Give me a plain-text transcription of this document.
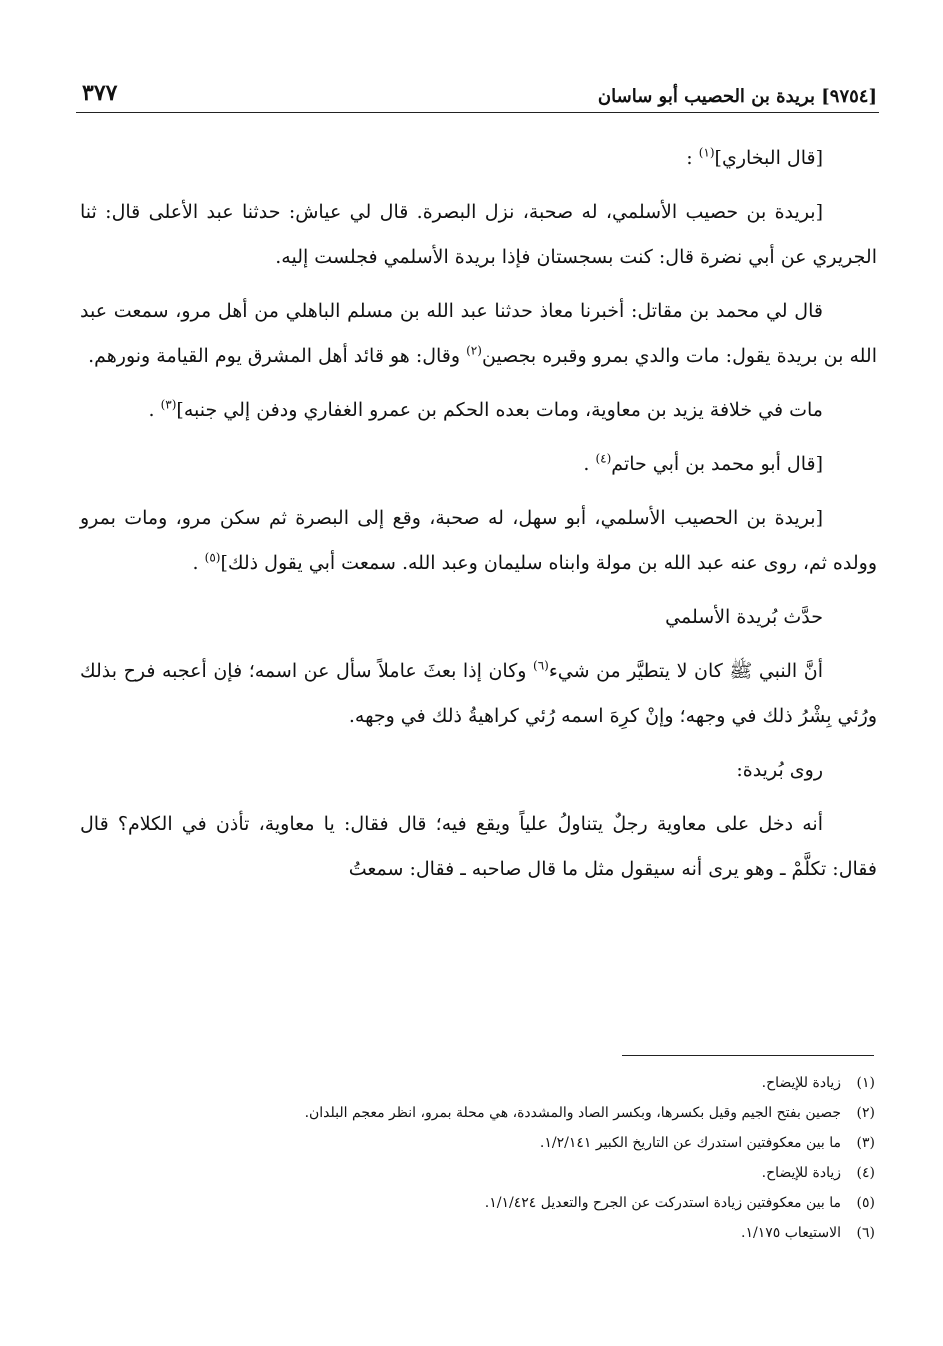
[٩٧٥٤] بريدة بن الحصيب أبو ساسان
٣٧٧

[قال البخاري]$^{(١)}$ :

[بريدة بن حصيب الأسلمي، له صحبة، نزل البصرة. قال لي عياش: حدثنا عبد الأعلى قال: ثنا الجريري عن أبي نضرة قال: كنت بسجستان فإذا بريدة الأسلمي فجلست إليه.

قال لي محمد بن مقاتل: أخبرنا معاذ حدثنا عبد الله بن مسلم الباهلي من أهل مرو، سمعت عبد الله بن بريدة يقول: مات والدي بمرو وقبره بجصين$^{(٢)}$ وقال: هو قائد أهل المشرق يوم القيامة ونورهم.

مات في خلافة يزيد بن معاوية، ومات بعده الحكم بن عمرو الغفاري ودفن إلي جنبه]$^{(٣)}$ .

[قال أبو محمد بن أبي حاتم$^{(٤)}$ .

[بريدة بن الحصيب الأسلمي، أبو سهل، له صحبة، وقع إلى البصرة ثم سكن مرو، ومات بمرو وولده ثم، روى عنه عبد الله بن مولة وابناه سليمان وعبد الله. سمعت أبي يقول ذلك]$^{(٥)}$ .

حدَّث بُريدة الأسلمي

أنَّ النبي ﷺ كان لا يتطيَّر من شيء$^{(٦)}$ وكان إذا بعثَ عاملاً سأل عن اسمه؛ فإن أعجبه فرح بذلك ورُئي بِشْرُ ذلك في وجهه؛ وإنْ كرِهَ اسمه رُئي كراهيةُ ذلك في وجهه.

روى بُريدة:

أنه دخل على معاوية رجلٌ يتناولُ علياً ويقع فيه؛ قال فقال: يا معاوية، تأذن في الكلام؟ قال فقال: تكلَّمْ ـ وهو يرى أنه سيقول مثل ما قال صاحبه ـ فقال: سمعتُ

(١)
زيادة للإيضاح.
(٢)
جصين بفتح الجيم وقيل بكسرها، وبكسر الصاد والمشددة، هي محلة بمرو، انظر معجم البلدان.
(٣)
ما بين معكوفتين استدرك عن التاريخ الكبير ١/٢/١٤١.
(٤)
زيادة للإيضاح.
(٥)
ما بين معكوفتين زيادة استدركت عن الجرح والتعديل ١/١/٤٢٤.
(٦)
الاستيعاب ١/١٧٥.
